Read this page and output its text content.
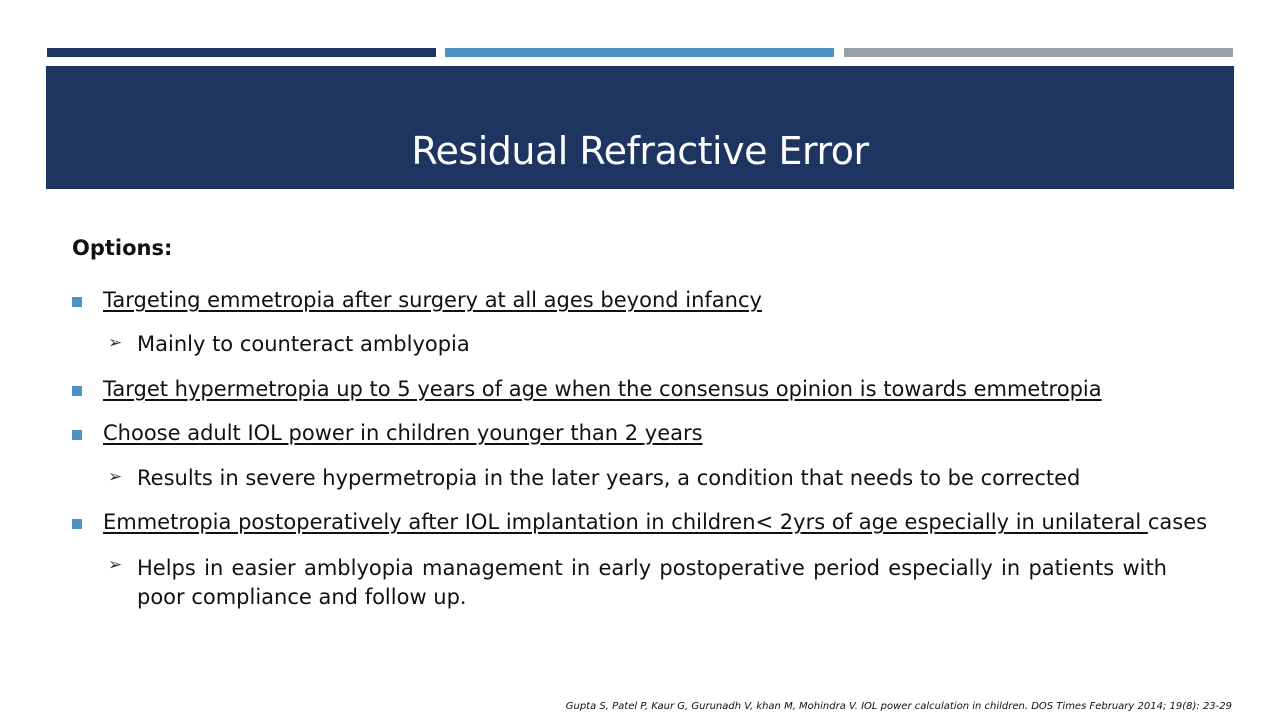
Residual Refractive Error
Options:
Targeting emmetropia after surgery at all ages beyond infancy
➢ Mainly to counteract amblyopia
Target hypermetropia up to 5 years of age when the consensus opinion is towards emmetropia
Choose adult IOL power in children younger than 2 years
➢ Results in severe hypermetropia in the later years, a condition that needs to be corrected
Emmetropia postoperatively after IOL implantation in children< 2yrs of age especially in unilateral cases
➢ Helps in easier amblyopia management in early postoperative period especially in patients with poor compliance and follow up.
Gupta S, Patel P, Kaur G, Gurunadh V, khan M, Mohindra V. IOL power calculation in children. DOS Times February 2014; 19(8): 23-29
